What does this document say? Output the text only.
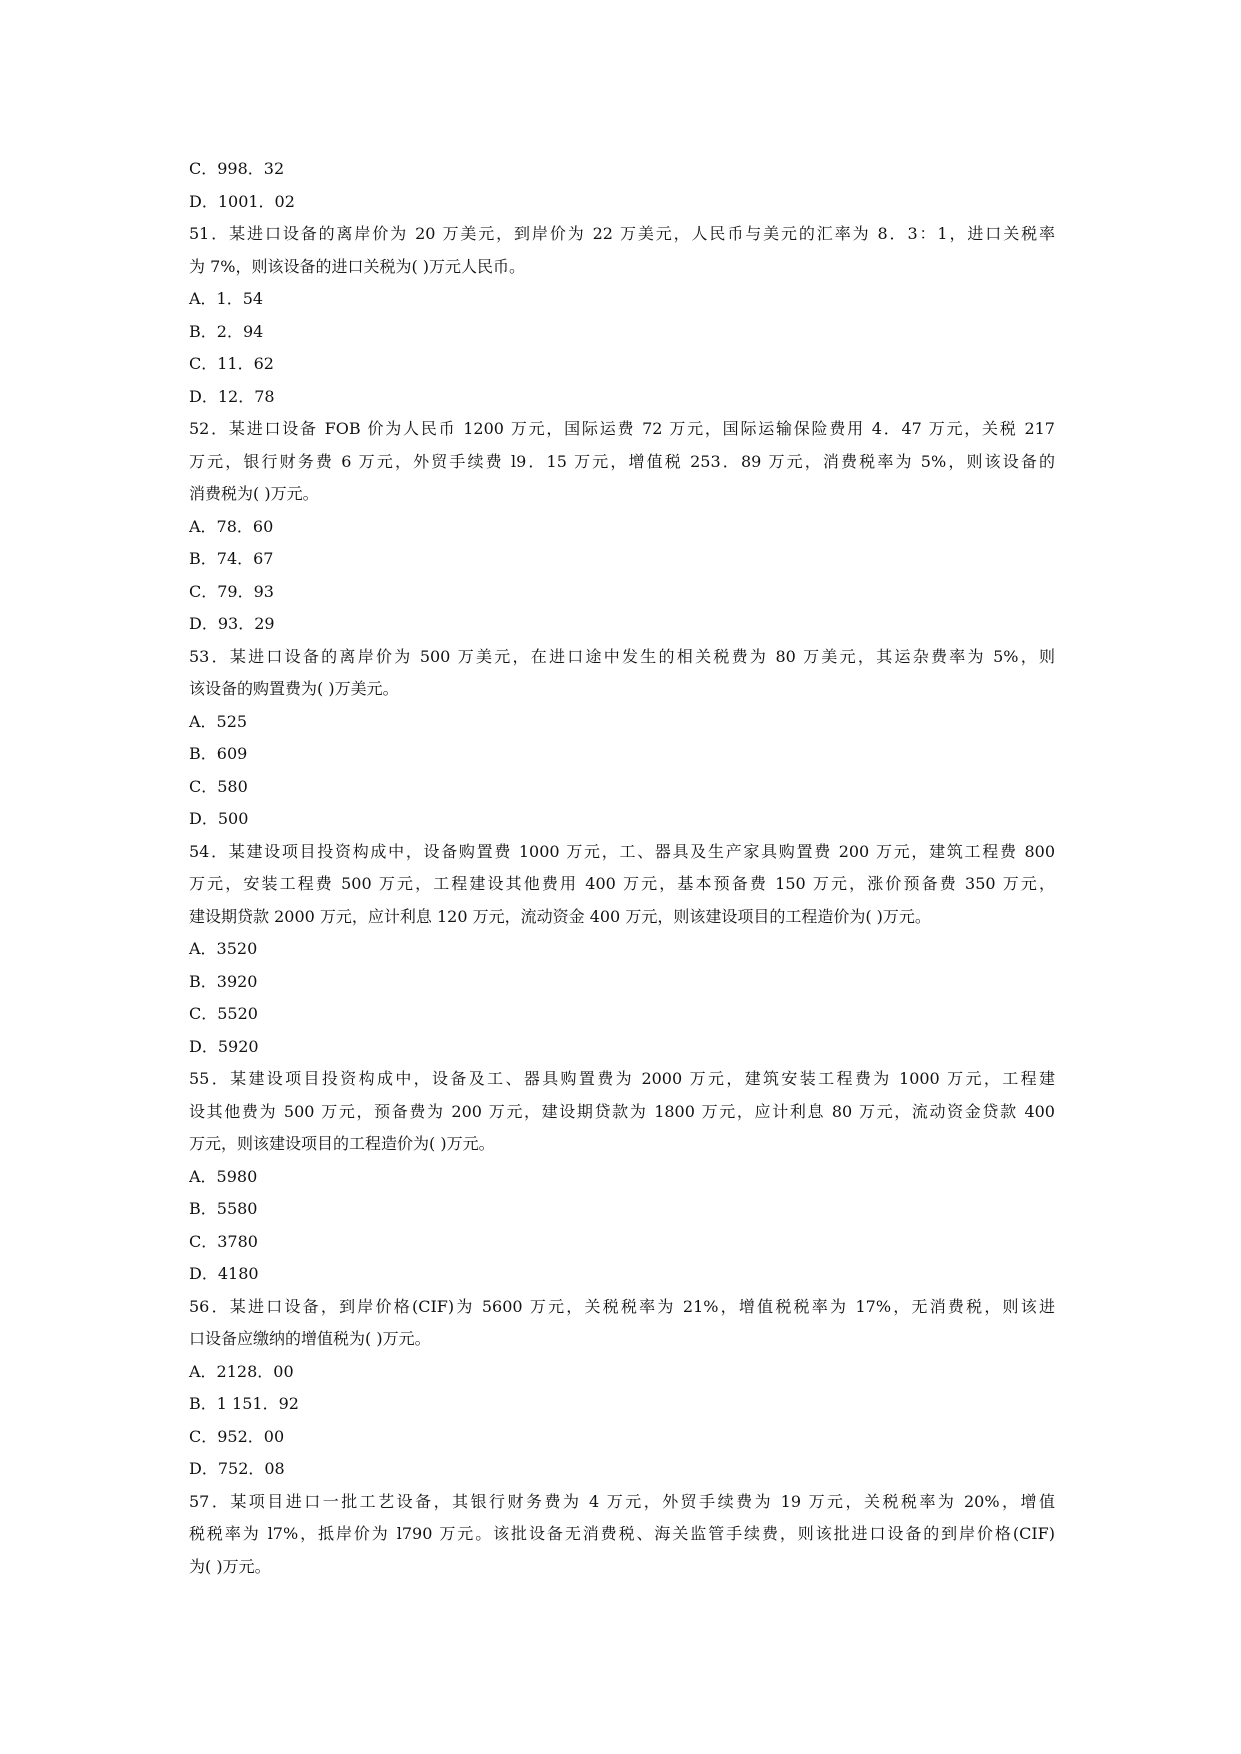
C．998．32

D．1001．02

51．某进口设备的离岸价为 20 万美元，到岸价为 22 万美元，人民币与美元的汇率为 8．3：1，进口关税率

为 7%，则该设备的进口关税为( )万元人民币。

A．1．54

B．2．94

C．11．62

D．12．78

52．某进口设备 FOB 价为人民币 1200 万元，国际运费 72 万元，国际运输保险费用 4．47 万元，关税 217

万元，银行财务费 6 万元，外贸手续费 l9．15 万元，增值税 253．89 万元，消费税率为 5%，则该设备的

消费税为( )万元。

A．78．60

B．74．67

C．79．93

D．93．29

53．某进口设备的离岸价为 500 万美元，在进口途中发生的相关税费为 80 万美元，其运杂费率为 5%，则

该设备的购置费为( )万美元。

A．525

B．609

C．580

D．500

54．某建设项目投资构成中，设备购置费 1000 万元，工、器具及生产家具购置费 200 万元，建筑工程费 800

万元，安装工程费 500 万元，工程建设其他费用 400 万元，基本预备费 150 万元，涨价预备费 350 万元，

建设期贷款 2000 万元，应计利息 120 万元，流动资金 400 万元，则该建设项目的工程造价为( )万元。

A．3520

B．3920

C．5520

D．5920

55．某建设项目投资构成中，设备及工、器具购置费为 2000 万元，建筑安装工程费为 1000 万元，工程建

设其他费为 500 万元，预备费为 200 万元，建设期贷款为 1800 万元，应计利息 80 万元，流动资金贷款 400

万元，则该建设项目的工程造价为( )万元。

A．5980

B．5580

C．3780

D．4180

56．某进口设备，到岸价格(CIF)为 5600 万元，关税税率为 21%，增值税税率为 17%，无消费税，则该进

口设备应缴纳的增值税为( )万元。

A．2128．00

B．1 151．92

C．952．00

D．752．08

57．某项目进口一批工艺设备，其银行财务费为 4 万元，外贸手续费为 19 万元，关税税率为 20%，增值

税税率为 l7%，抵岸价为 l790 万元。该批设备无消费税、海关监管手续费，则该批进口设备的到岸价格(CIF)

为( )万元。
